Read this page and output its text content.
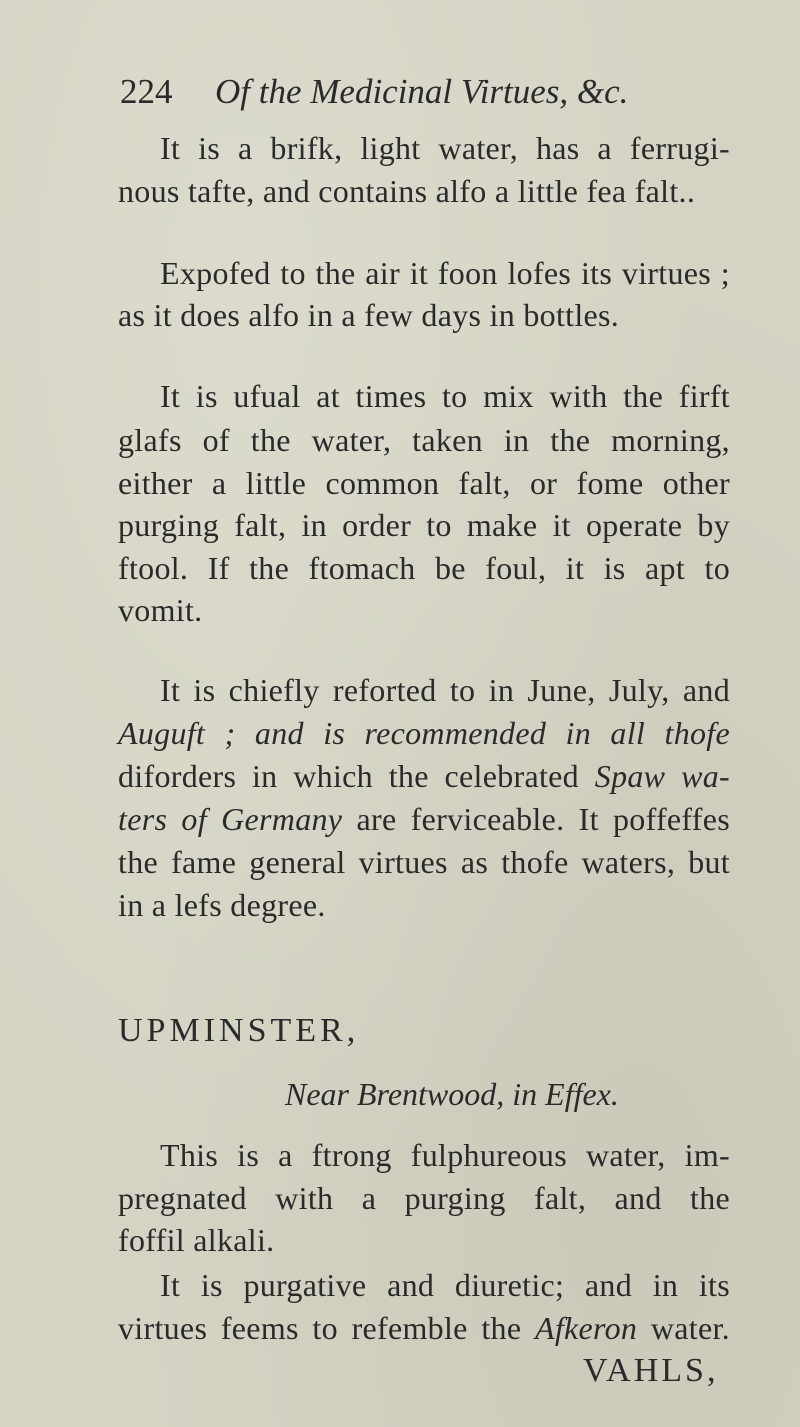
224 Of the Medicinal Virtues, &c.
It is a brifk, light water, has a ferrugi-
nous tafte, and contains alfo a little fea falt..
Expofed to the air it foon lofes its virtues ;
as it does alfo in a few days in bottles.
It is ufual at times to mix with the firft
glafs of the water, taken in the morning,
either a little common falt, or fome other
purging falt, in order to make it operate by
ftool. If the ftomach be foul, it is apt to
vomit.
It is chiefly reforted to in June, July, and
Auguft ; and is recommended in all thofe
diforders in which the celebrated Spaw wa-
ters of Germany are ferviceable. It poffeffes
the fame general virtues as thofe waters, but
in a lefs degree.
UPMINSTER,
Near Brentwood, in Effex.
This is a ftrong fulphureous water, im-
pregnated with a purging falt, and the
foffil alkali.
It is purgative and diuretic; and in its
virtues feems to refemble the Afkeron water.
VAHLS,
